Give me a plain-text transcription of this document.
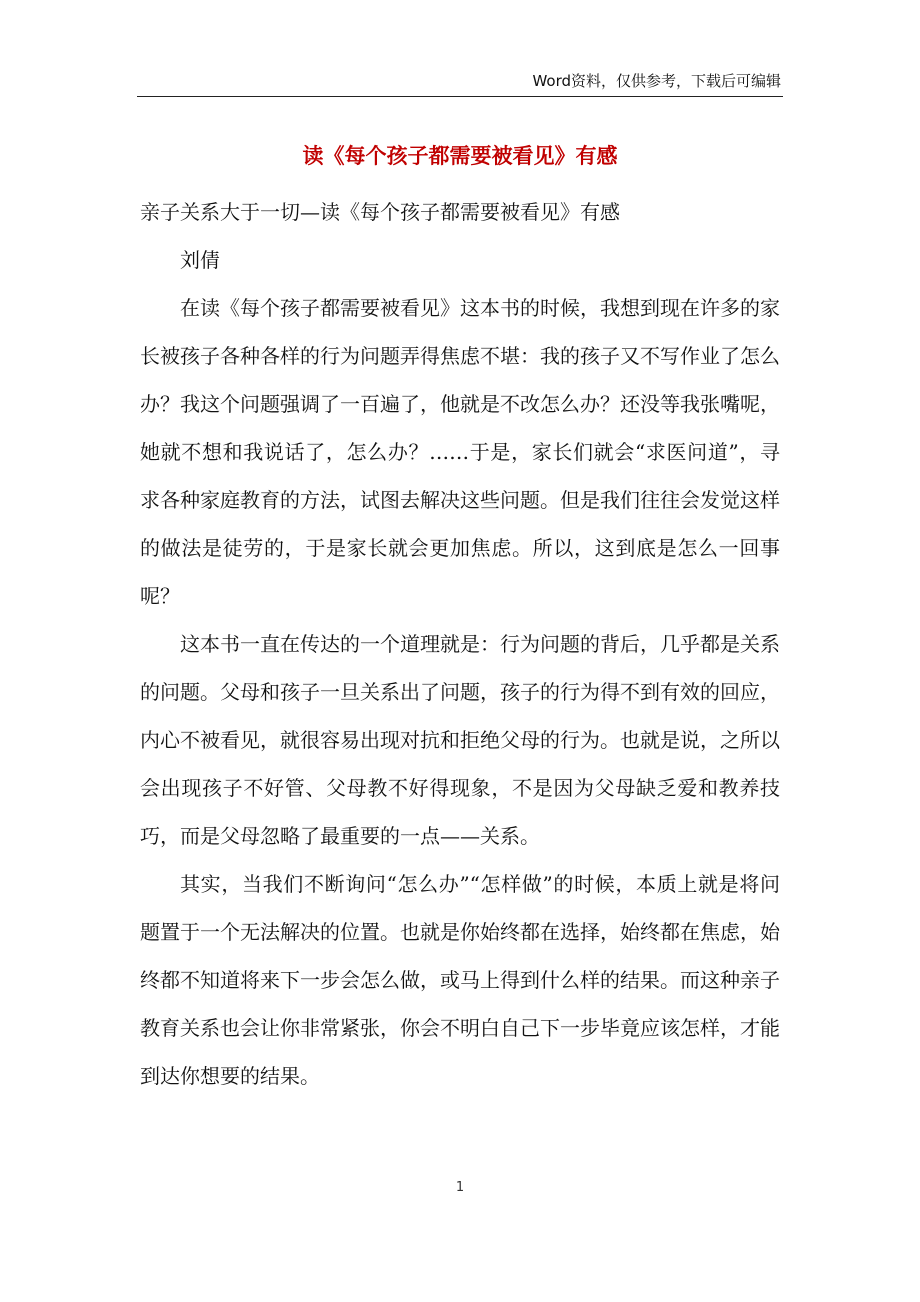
Word资料，仅供参考，下载后可编辑
读《每个孩子都需要被看见》有感

亲子关系大于一切—读《每个孩子都需要被看见》有感

刘倩

在读《每个孩子都需要被看见》这本书的时候，我想到现在许多的家长被孩子各种各样的行为问题弄得焦虑不堪：我的孩子又不写作业了怎么办？我这个问题强调了一百遍了，他就是不改怎么办？还没等我张嘴呢，她就不想和我说话了，怎么办？……于是，家长们就会“求医问道”，寻求各种家庭教育的方法，试图去解决这些问题。但是我们往往会发觉这样的做法是徒劳的，于是家长就会更加焦虑。所以，这到底是怎么一回事呢？

这本书一直在传达的一个道理就是：行为问题的背后，几乎都是关系的问题。父母和孩子一旦关系出了问题，孩子的行为得不到有效的回应，内心不被看见，就很容易出现对抗和拒绝父母的行为。也就是说，之所以会出现孩子不好管、父母教不好得现象，不是因为父母缺乏爱和教养技巧，而是父母忽略了最重要的一点——关系。

其实，当我们不断询问“怎么办”“怎样做”的时候，本质上就是将问题置于一个无法解决的位置。也就是你始终都在选择，始终都在焦虑，始终都不知道将来下一步会怎么做，或马上得到什么样的结果。而这种亲子教育关系也会让你非常紧张，你会不明白自己下一步毕竟应该怎样，才能到达你想要的结果。

1
